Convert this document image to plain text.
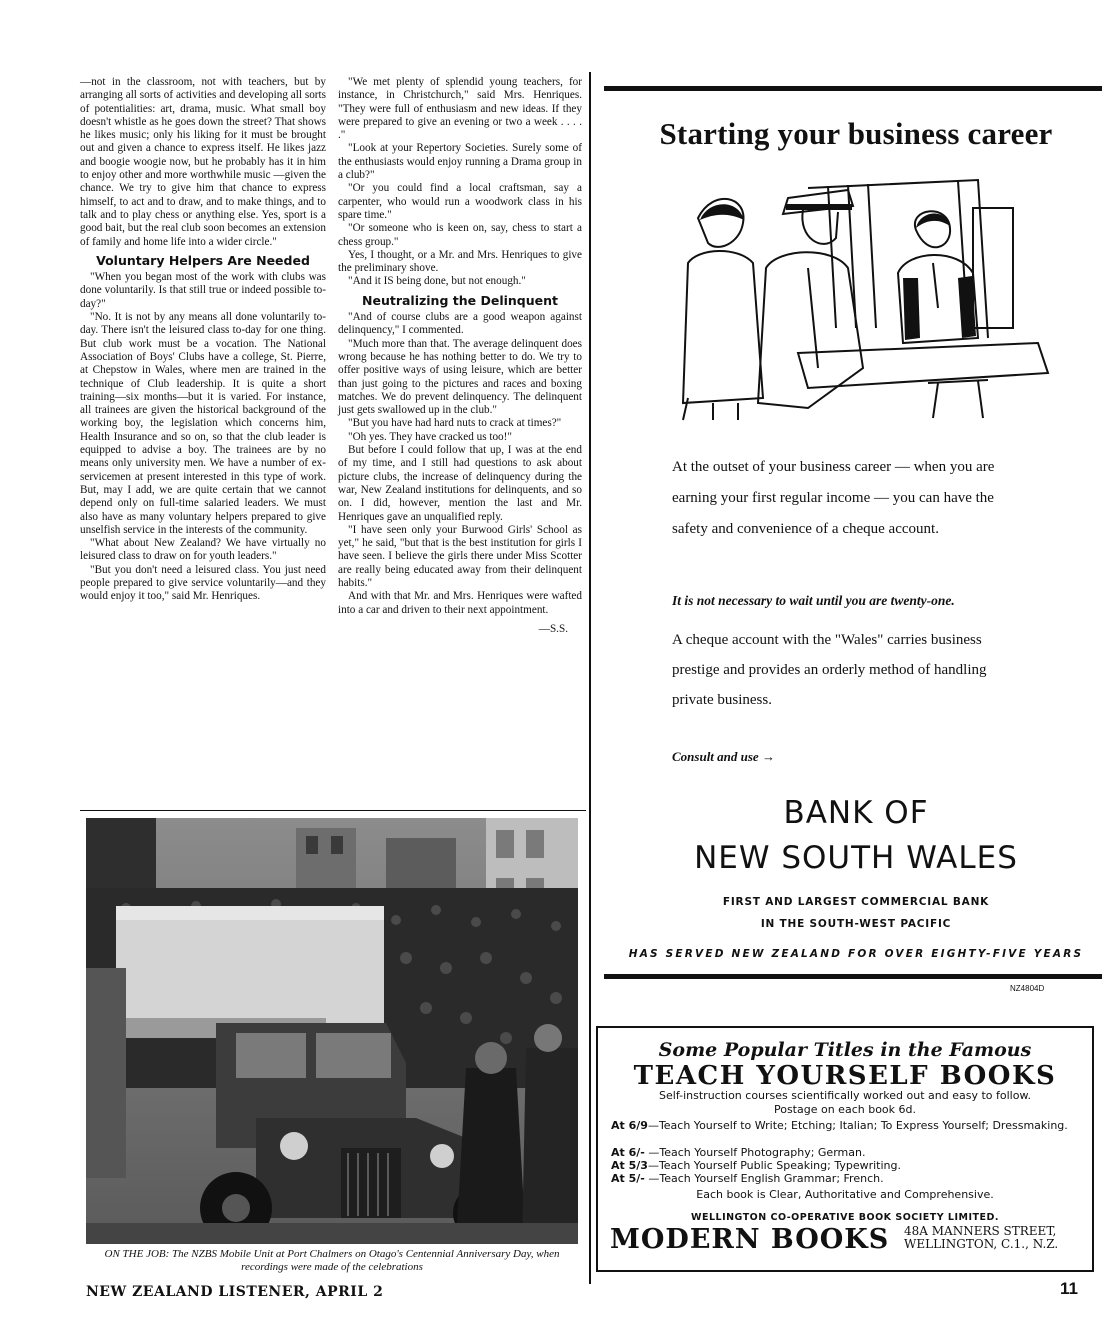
—not in the classroom, not with teachers, but by arranging all sorts of activities and developing all sorts of potentialities: art, drama, music. What small boy doesn't whistle as he goes down the street? That shows he likes music; only his liking for it must be brought out and given a chance to express itself. He likes jazz and boogie woogie now, but he probably has it in him to enjoy other and more worthwhile music —given the chance. We try to give him that chance to express himself, to act and to draw, and to make things, and to talk and to play chess or anything else. Yes, sport is a good bait, but the real club soon becomes an extension of family and home life into a wider circle."

Voluntary Helpers Are Needed

"When you began most of the work with clubs was done voluntarily. Is that still true or indeed possible to-day?"

"No. It is not by any means all done voluntarily to-day. There isn't the leisured class to-day for one thing. But club work must be a vocation. The National Association of Boys' Clubs have a college, St. Pierre, at Chepstow in Wales, where men are trained in the technique of Club leadership. It is quite a short training—six months—but it is varied. For instance, all trainees are given the historical background of the working boy, the legislation which concerns him, Health Insurance and so on, so that the club leader is equipped to advise a boy. The trainees are by no means only university men. We have a number of ex-servicemen at present interested in this type of work. But, may I add, we are quite certain that we cannot depend only on full-time salaried leaders. We must also have as many voluntary helpers prepared to give unselfish service in the interests of the community.

"What about New Zealand? We have virtually no leisured class to draw on for youth leaders."

"But you don't need a leisured class. You just need people prepared to give service voluntarily—and they would enjoy it too," said Mr. Henriques.

"We met plenty of splendid young teachers, for instance, in Christchurch," said Mrs. Henriques. "They were full of enthusiasm and new ideas. If they were prepared to give an evening or two a week . . . . ."

"Look at your Repertory Societies. Surely some of the enthusiasts would enjoy running a Drama group in a club?"

"Or you could find a local craftsman, say a carpenter, who would run a woodwork class in his spare time."

"Or someone who is keen on, say, chess to start a chess group."

Yes, I thought, or a Mr. and Mrs. Henriques to give the preliminary shove.

"And it IS being done, but not enough."

Neutralizing the Delinquent

"And of course clubs are a good weapon against delinquency," I commented.

"Much more than that. The average delinquent does wrong because he has nothing better to do. We try to offer positive ways of using leisure, which are better than just going to the pictures and races and boxing matches. We do prevent delinquency. The delinquent just gets swallowed up in the club."

"But you have had hard nuts to crack at times?"

"Oh yes. They have cracked us too!"

But before I could follow that up, I was at the end of my time, and I still had questions to ask about picture clubs, the increase of delinquency during the war, New Zealand institutions for delinquents, and so on. I did, however, mention the last and Mr. Henriques gave an unqualified reply.

"I have seen only your Burwood Girls' School as yet," he said, "but that is the best institution for girls I have seen. I believe the girls there under Miss Scotter are really being educated away from their delinquent habits."

And with that Mr. and Mrs. Henriques were wafted into a car and driven to their next appointment.

—S.S.

ON THE JOB: The NZBS Mobile Unit at Port Chalmers on Otago's Centennial Anniversary Day, when recordings were made of the celebrations
NEW ZEALAND LISTENER, APRIL 2	11
Starting your business career
At the outset of your business career — when you are earning your first regular income — you can have the safety and convenience of a cheque account.
It is not necessary to wait until you are twenty-one.
A cheque account with the "Wales" carries business prestige and provides an orderly method of handling private business.
Consult and use →
BANK OF
NEW SOUTH WALES
FIRST AND LARGEST COMMERCIAL BANK
IN THE SOUTH-WEST PACIFIC
HAS SERVED NEW ZEALAND FOR OVER EIGHTY-FIVE YEARS
NZ4804D
Some Popular Titles in the Famous
TEACH YOURSELF BOOKS
Self-instruction courses scientifically worked out and easy to follow.
Postage on each book 6d.
At 6/9—Teach Yourself to Write; Etching; Italian; To Express Yourself; Dressmaking.
At 6/- —Teach Yourself Photography; German.
At 5/3—Teach Yourself Public Speaking; Typewriting.
At 5/- —Teach Yourself English Grammar; French.
Each book is Clear, Authoritative and Comprehensive.
WELLINGTON CO-OPERATIVE BOOK SOCIETY LIMITED.
MODERN BOOKS 48A MANNERS STREET,
WELLINGTON, C.1., N.Z.
